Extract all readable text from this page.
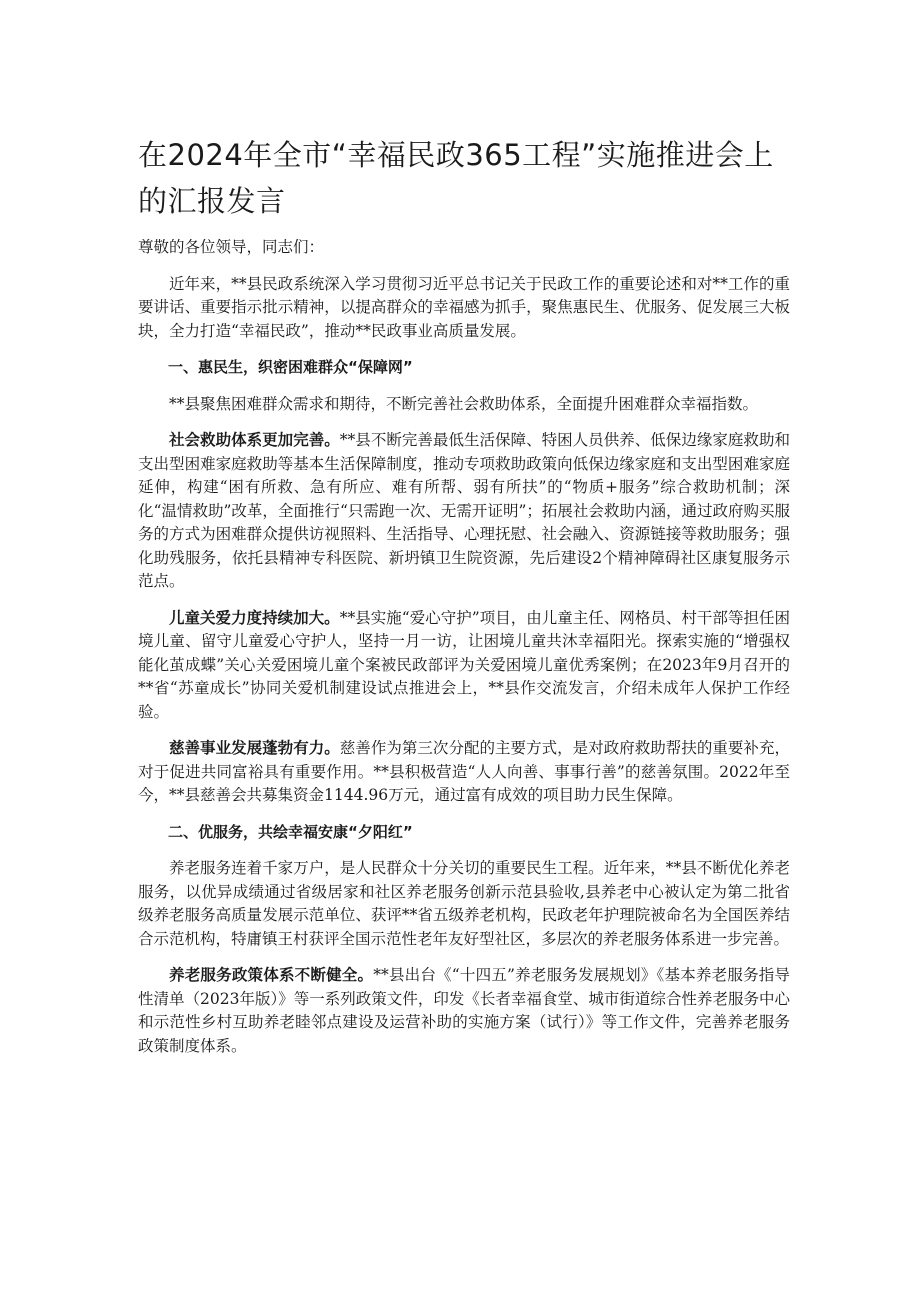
在2024年全市“幸福民政365工程”实施推进会上
的汇报发言

尊敬的各位领导，同志们：

近年来，**县民政系统深入学习贯彻习近平总书记关于民政工作的重要论述和对**工作的重要讲话、重要指示批示精神，以提高群众的幸福感为抓手，聚焦惠民生、优服务、促发展三大板块，全力打造“幸福民政”，推动**民政事业高质量发展。

一、惠民生，织密困难群众“保障网”

**县聚焦困难群众需求和期待，不断完善社会救助体系，全面提升困难群众幸福指数。

社会救助体系更加完善。**县不断完善最低生活保障、特困人员供养、低保边缘家庭救助和支出型困难家庭救助等基本生活保障制度，推动专项救助政策向低保边缘家庭和支出型困难家庭延伸，构建“困有所救、急有所应、难有所帮、弱有所扶”的“物质+服务”综合救助机制；深化“温情救助”改革，全面推行“只需跑一次、无需开证明”；拓展社会救助内涵，通过政府购买服务的方式为困难群众提供访视照料、生活指导、心理抚慰、社会融入、资源链接等救助服务；强化助残服务，依托县精神专科医院、新坍镇卫生院资源，先后建设2个精神障碍社区康复服务示范点。

儿童关爱力度持续加大。**县实施“爱心守护”项目，由儿童主任、网格员、村干部等担任困境儿童、留守儿童爱心守护人，坚持一月一访，让困境儿童共沐幸福阳光。探索实施的“增强权能化茧成蝶”关心关爱困境儿童个案被民政部评为关爱困境儿童优秀案例；在2023年9月召开的**省“苏童成长”协同关爱机制建设试点推进会上，**县作交流发言，介绍未成年人保护工作经验。

慈善事业发展蓬勃有力。慈善作为第三次分配的主要方式，是对政府救助帮扶的重要补充，对于促进共同富裕具有重要作用。**县积极营造“人人向善、事事行善”的慈善氛围。2022年至今，**县慈善会共募集资金1144.96万元，通过富有成效的项目助力民生保障。

二、优服务，共绘幸福安康“夕阳红”

养老服务连着千家万户，是人民群众十分关切的重要民生工程。近年来，**县不断优化养老服务，以优异成绩通过省级居家和社区养老服务创新示范县验收,县养老中心被认定为第二批省级养老服务高质量发展示范单位、获评**省五级养老机构，民政老年护理院被命名为全国医养结合示范机构，特庸镇王村获评全国示范性老年友好型社区，多层次的养老服务体系进一步完善。

养老服务政策体系不断健全。**县出台《“十四五”养老服务发展规划》《基本养老服务指导性清单（2023年版）》等一系列政策文件，印发《长者幸福食堂、城市街道综合性养老服务中心和示范性乡村互助养老睦邻点建设及运营补助的实施方案（试行）》等工作文件，完善养老服务政策制度体系。
